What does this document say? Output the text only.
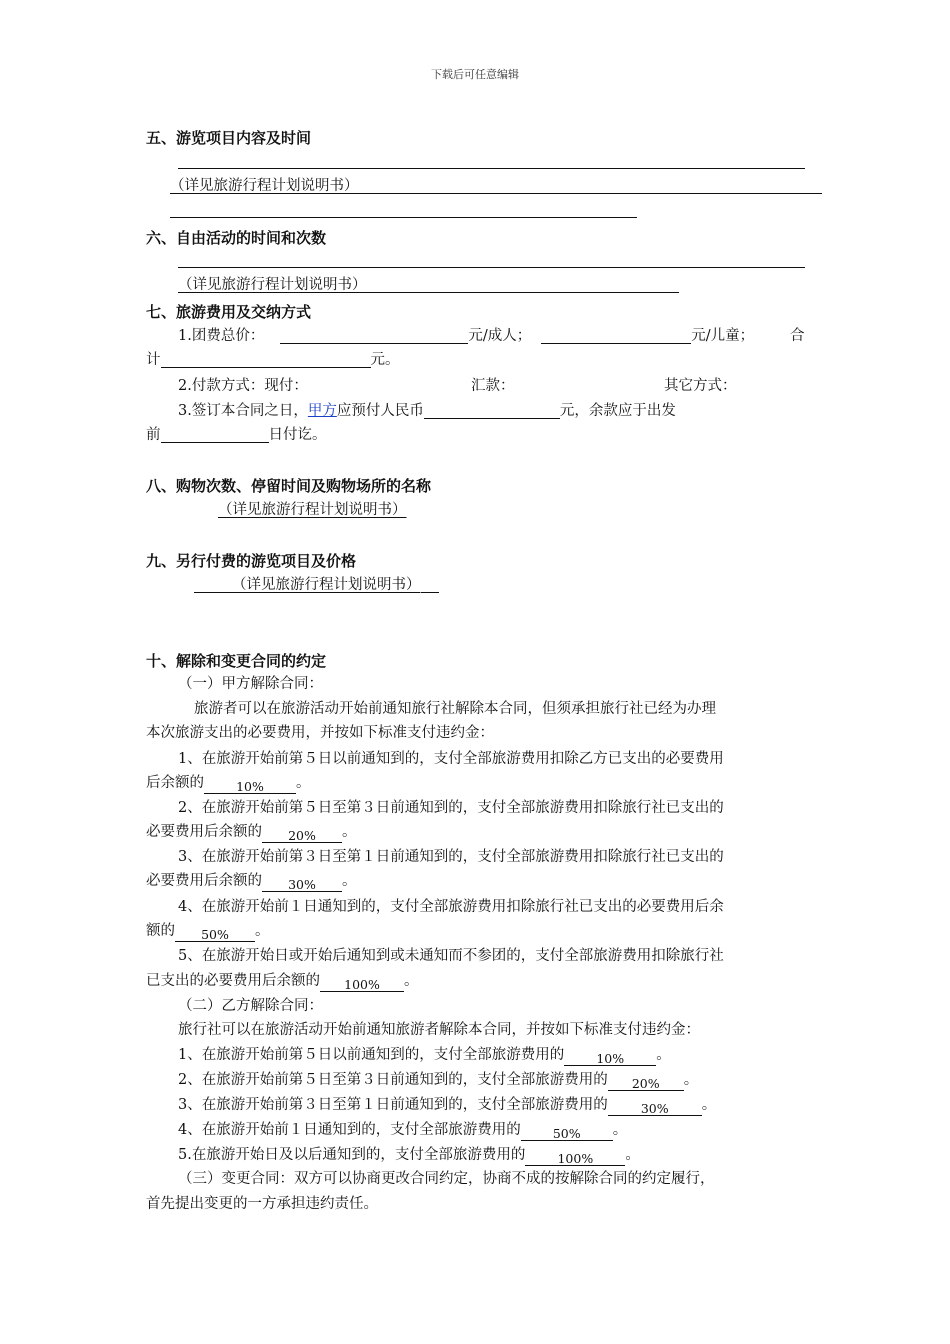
下载后可任意编辑
五、游览项目内容及时间
（详见旅游行程计划说明书）
六、自由活动的时间和次数
（详见旅游行程计划说明书）
七、旅游费用及交纳方式
1.团费总价：	元/成人；	元/儿童； 合
计	元。
2.付款方式：现付：	汇款：	其它方式：
3.签订本合同之日，甲方应预付人民币	元，余款应于出发
前	日付讫。
八、购物次数、停留时间及购物场所的名称
（详见旅游行程计划说明书）
九、另行付费的游览项目及价格
（详见旅游行程计划说明书）
十、解除和变更合同的约定
（一）甲方解除合同：
旅游者可以在旅游活动开始前通知旅行社解除本合同，但须承担旅行社已经为办理
本次旅游支出的必要费用，并按如下标准支付违约金：
1、在旅游开始前第５日以前通知到的，支付全部旅游费用扣除乙方已支出的必要费用
后余额的	10% 。
2、在旅游开始前第５日至第３日前通知到的，支付全部旅游费用扣除旅行社已支出的
必要费用后余额的 20% 。
3、在旅游开始前第３日至第１日前通知到的，支付全部旅游费用扣除旅行社已支出的
必要费用后余额的 30% 。
4、在旅游开始前１日通知到的，支付全部旅游费用扣除旅行社已支出的必要费用后余
额的 50% 。
5、在旅游开始日或开始后通知到或未通知而不参团的，支付全部旅游费用扣除旅行社
已支出的必要费用后余额的 100% 。
（二）乙方解除合同：
旅行社可以在旅游活动开始前通知旅游者解除本合同，并按如下标准支付违约金：
1、在旅游开始前第５日以前通知到的，支付全部旅游费用的	10% 。
2、在旅游开始前第５日至第３日前通知到的，支付全部旅游费用的 20% 。
3、在旅游开始前第３日至第１日前通知到的，支付全部旅游费用的	30% 。
4、在旅游开始前１日通知到的，支付全部旅游费用的	50% 。
5.在旅游开始日及以后通知到的，支付全部旅游费用的	100% 。
（三）变更合同：双方可以协商更改合同约定，协商不成的按解除合同的约定履行，
首先提出变更的一方承担违约责任。
